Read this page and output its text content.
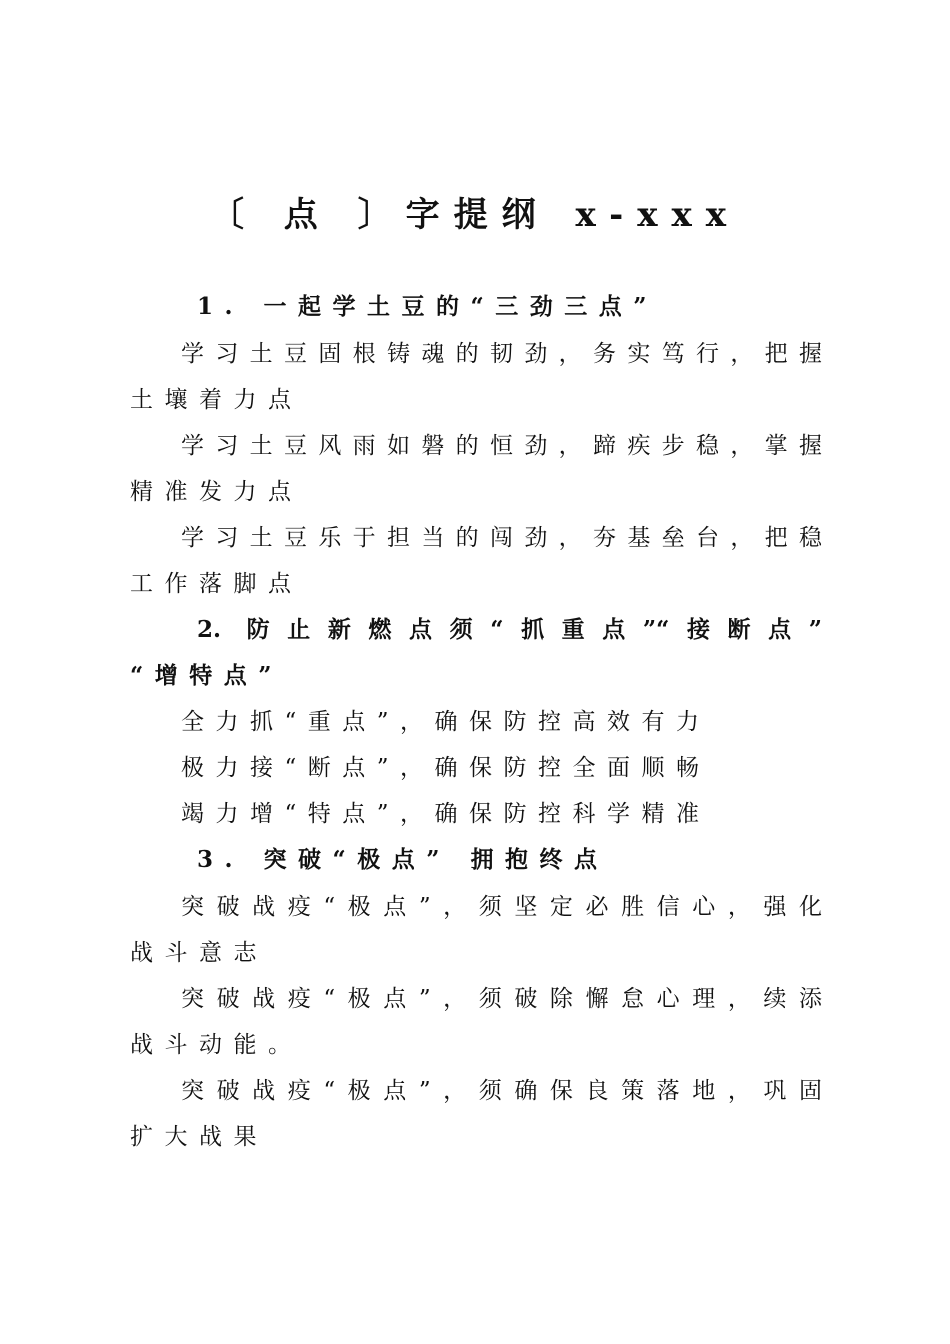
〔 点 〕字提纲 x-xxx
1. 一起学土豆的“三劲三点”
学习土豆固根铸魂的韧劲，务实笃行，把握
土壤着力点
学习土豆风雨如磐的恒劲，蹄疾步稳，掌握
精准发力点
学习土豆乐于担当的闯劲，夯基垒台，把稳
工作落脚点
2. 防止新燃点须“抓重点”“接断点”
“增特点”
全力抓“重点”，确保防控高效有力
极力接“断点”，确保防控全面顺畅
竭力增“特点”，确保防控科学精准
3. 突破“极点” 拥抱终点
突破战疫“极点”，须坚定必胜信心，强化
战斗意志
突破战疫“极点”，须破除懈怠心理，续添
战斗动能。
突破战疫“极点”，须确保良策落地，巩固
扩大战果
